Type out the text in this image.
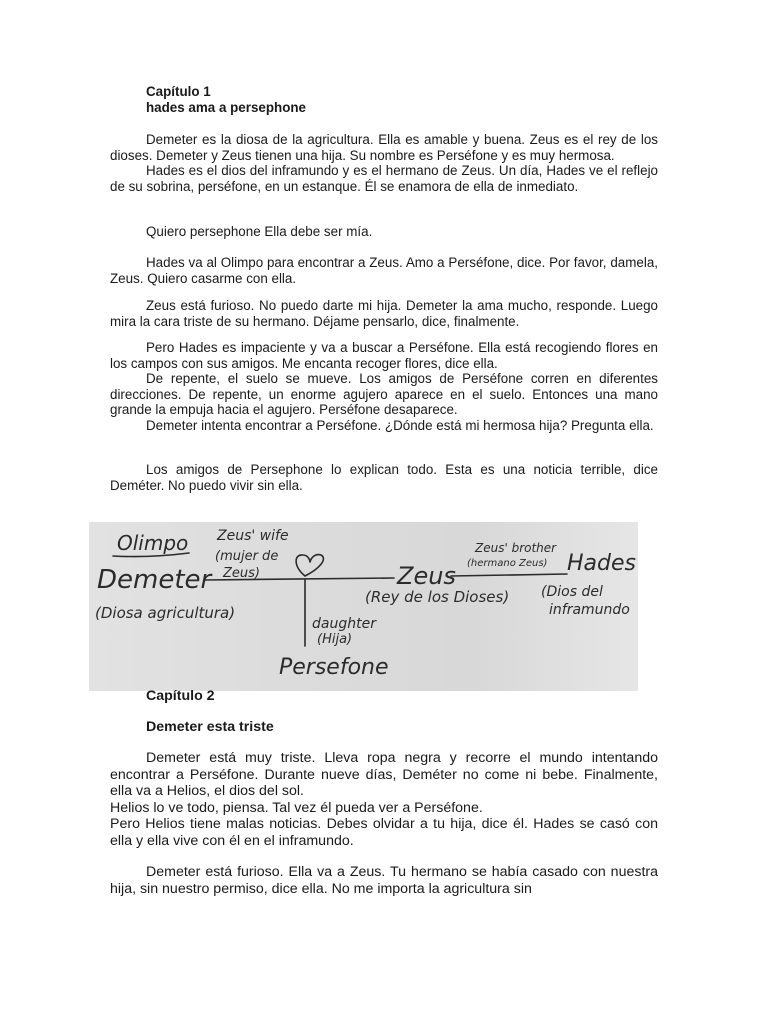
Capítulo 1
hades ama a persephone

Demeter es la diosa de la agricultura. Ella es amable y buena. Zeus es el rey de los dioses. Demeter y Zeus tienen una hija. Su nombre es Perséfone y es muy hermosa.

Hades es el dios del inframundo y es el hermano de Zeus. Un día, Hades ve el reflejo de su sobrina, perséfone, en un estanque. Él se enamora de ella de inmediato.

Quiero persephone Ella debe ser mía.

Hades va al Olimpo para encontrar a Zeus. Amo a Perséfone, dice. Por favor, damela, Zeus. Quiero casarme con ella.

Zeus está furioso. No puedo darte mi hija. Demeter la ama mucho, responde. Luego mira la cara triste de su hermano. Déjame pensarlo, dice, finalmente.

Pero Hades es impaciente y va a buscar a Perséfone. Ella está recogiendo flores en los campos con sus amigos. Me encanta recoger flores, dice ella.

De repente, el suelo se mueve. Los amigos de Perséfone corren en diferentes direcciones. De repente, un enorme agujero aparece en el suelo. Entonces una mano grande la empuja hacia el agujero. Perséfone desaparece.

Demeter intenta encontrar a Perséfone. ¿Dónde está mi hermosa hija? Pregunta ella.

Los amigos de Persephone lo explican todo. Esta es una noticia terrible, dice Deméter. No puedo vivir sin ella.

Olimpo Zeus' wife
(mujer de
Zeus)
Demeter
(Diosa agricultura)
Zeus
(Rey de los Dioses)
Zeus' brother
(hermano Zeus) Hades
(Dios del
inframundo
daughter
(Hija)
Persefone
Capítulo 2
Demeter esta triste

Demeter está muy triste. Lleva ropa negra y recorre el mundo intentando encontrar a Perséfone. Durante nueve días, Deméter no come ni bebe. Finalmente, ella va a Helios, el dios del sol.

Helios lo ve todo, piensa. Tal vez él pueda ver a Perséfone.

Pero Helios tiene malas noticias. Debes olvidar a tu hija, dice él. Hades se casó con ella y ella vive con él en el inframundo.

Demeter está furioso. Ella va a Zeus. Tu hermano se había casado con nuestra hija, sin nuestro permiso, dice ella. No me importa la agricultura sin
